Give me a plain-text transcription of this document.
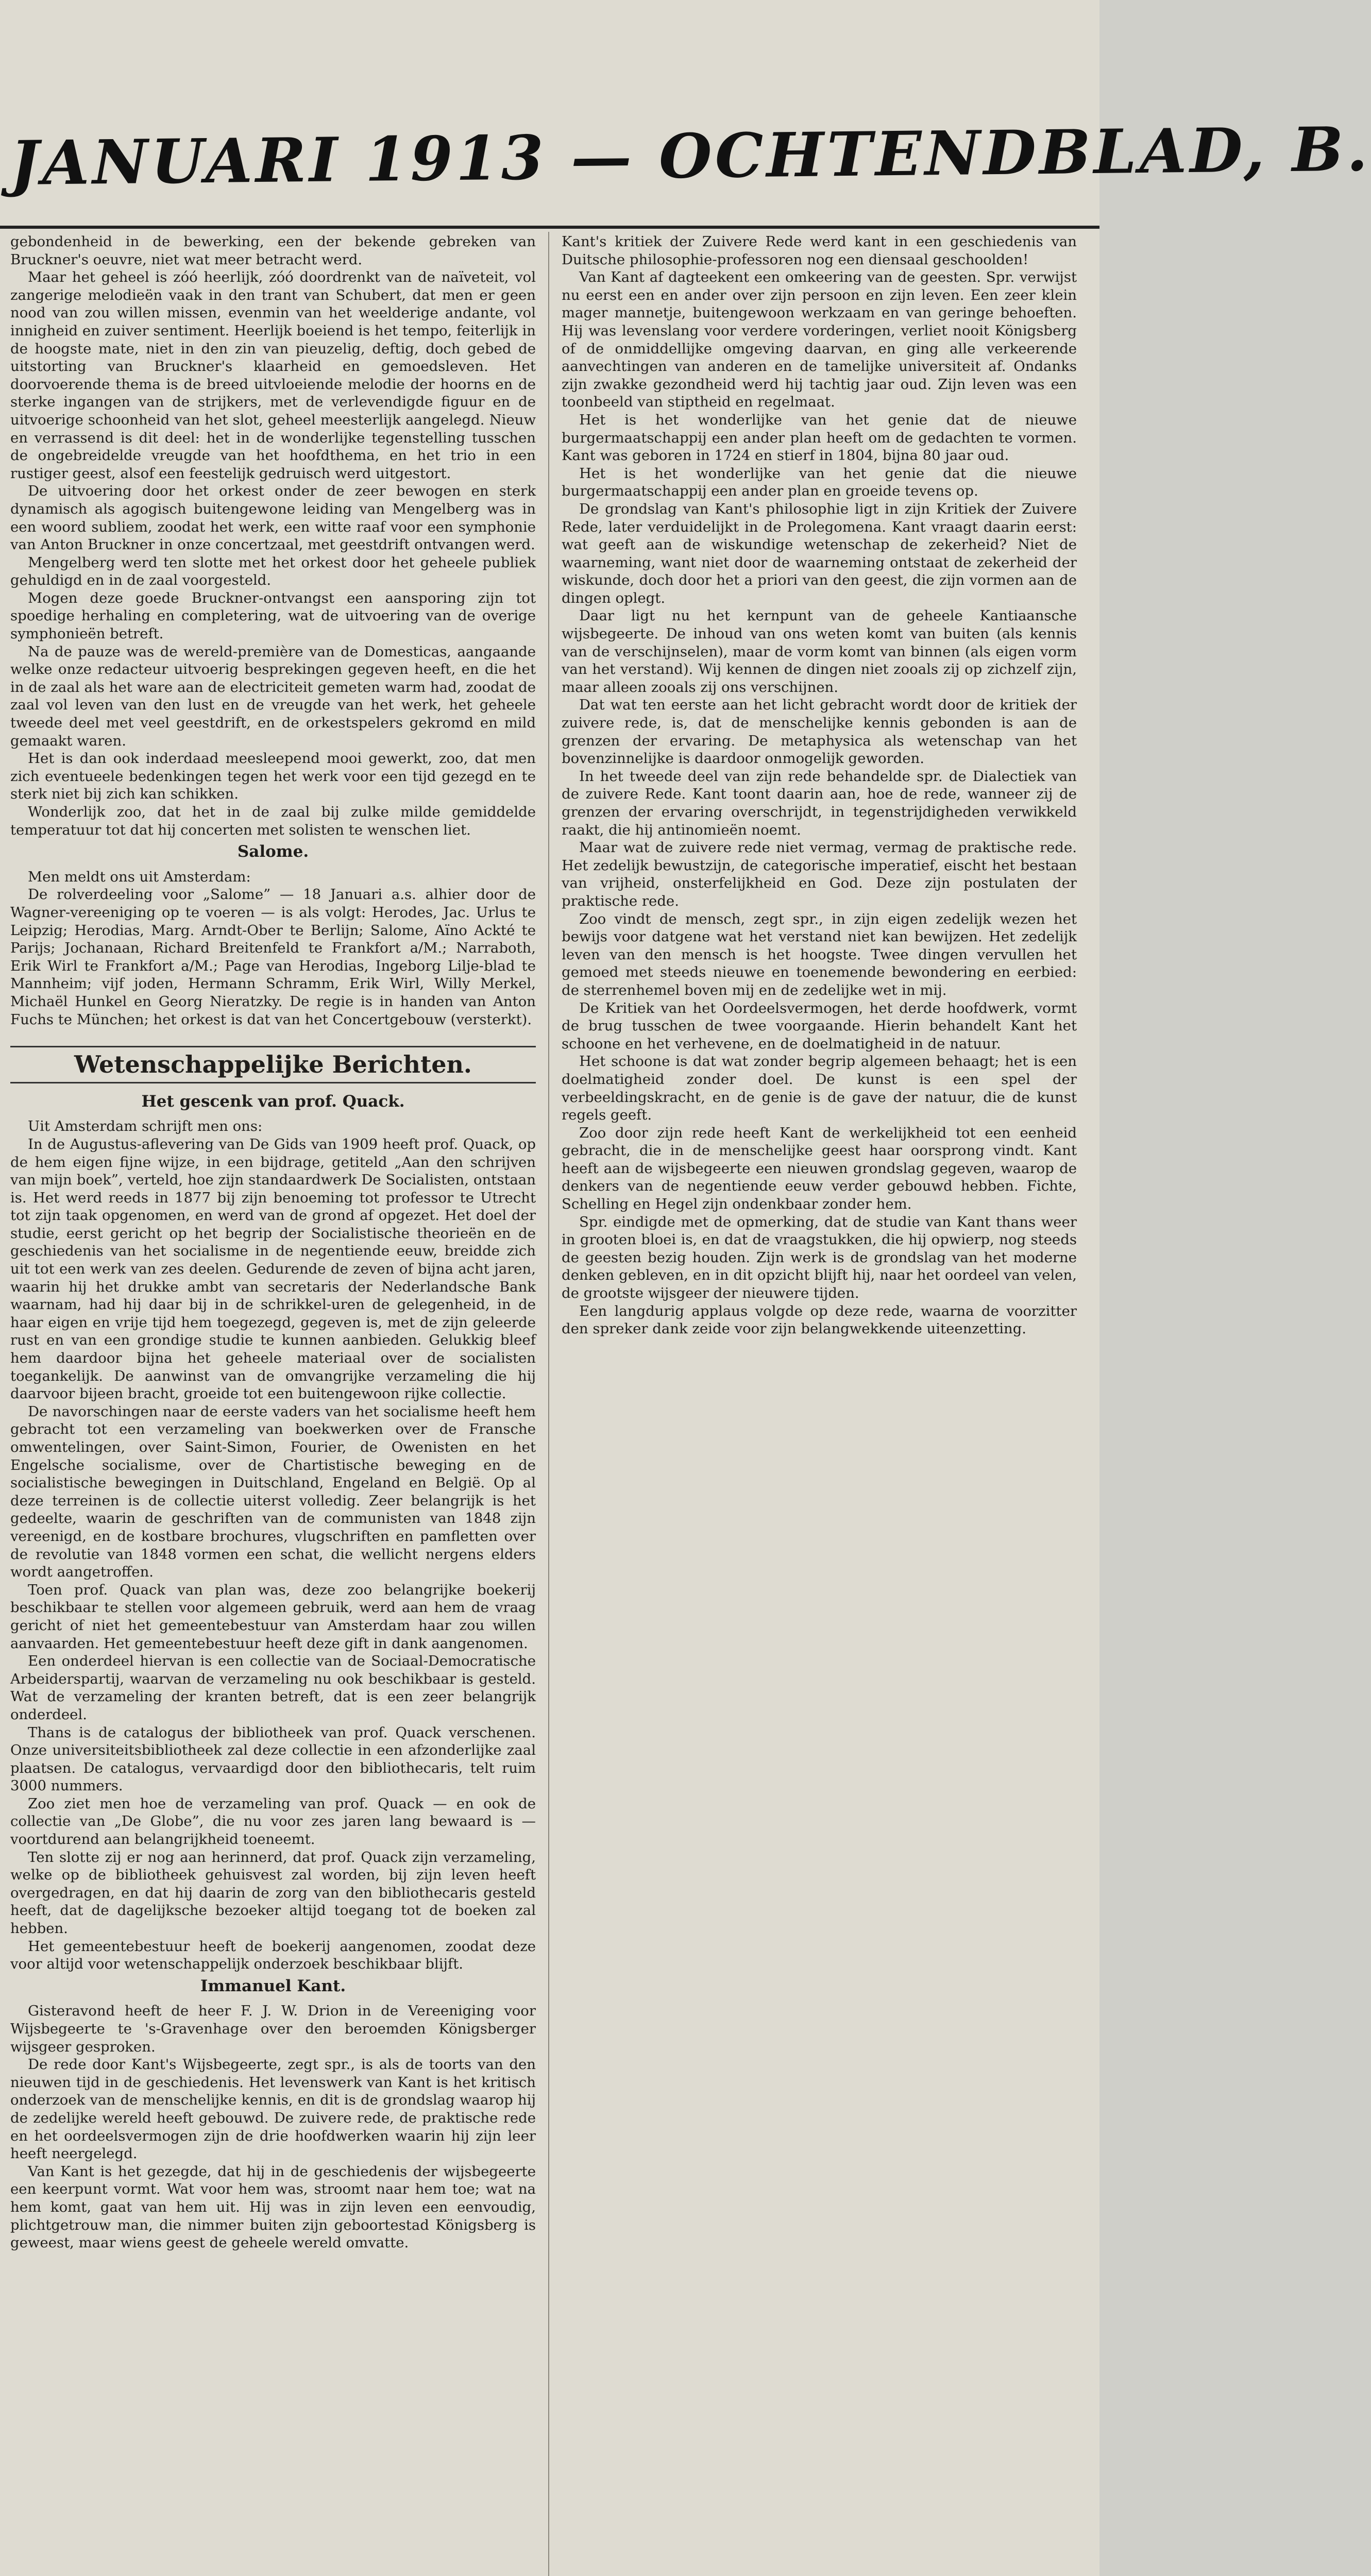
JANUARI 1913 — OCHTENDBLAD, B.

gebondenheid in de bewerking, een der bekende gebreken van Bruckner's oeuvre, niet wat meer betracht werd.

Maar het geheel is zóó heerlijk, zóó doordrenkt van de naïveteit, vol zangerige melodieën vaak in den trant van Schubert, dat men er geen nood van zou willen missen, evenmin van het weelderige andante, vol innigheid en zuiver sentiment. Heerlijk boeiend is het tempo, feiterlijk in de hoogste mate, niet in den zin van pieuzelig, deftig, doch gebed de uitstorting van Bruckner's klaarheid en gemoedsleven. Het doorvoerende thema is de breed uitvloeiende melodie der hoorns en de sterke ingangen van de strijkers, met de verlevendigde figuur en de uitvoerige schoonheid van het slot, geheel meesterlijk aangelegd. Nieuw en verrassend is dit deel: het in de wonderlijke tegenstelling tusschen de ongebreidelde vreugde van het hoofdthema, en het trio in een rustiger geest, alsof een feestelijk gedruisch werd uitgestort.

De uitvoering door het orkest onder de zeer bewogen en sterk dynamisch als agogisch buitengewone leiding van Mengelberg was in een woord subliem, zoodat het werk, een witte raaf voor een symphonie van Anton Bruckner in onze concertzaal, met geestdrift ontvangen werd.

Mengelberg werd ten slotte met het orkest door het geheele publiek gehuldigd en in de zaal voorgesteld.

Mogen deze goede Bruckner-ontvangst een aansporing zijn tot spoedige herhaling en completering, wat de uitvoering van de overige symphonieën betreft.

Na de pauze was de wereld-première van de Domesticas, aangaande welke onze redacteur uitvoerig besprekingen gegeven heeft, en die het in de zaal als het ware aan de electriciteit gemeten warm had, zoodat de zaal vol leven van den lust en de vreugde van het werk, het geheele tweede deel met veel geestdrift, en de orkestspelers gekromd en mild gemaakt waren.

Het is dan ook inderdaad meesleepend mooi gewerkt, zoo, dat men zich eventueele bedenkingen tegen het werk voor een tijd gezegd en te sterk niet bij zich kan schikken.

Wonderlijk zoo, dat het in de zaal bij zulke milde gemiddelde temperatuur tot dat hij concerten met solisten te wenschen liet.

Salome.

Men meldt ons uit Amsterdam:

De rolverdeeling voor „Salome” — 18 Januari a.s. alhier door de Wagner-vereeniging op te voeren — is als volgt: Herodes, Jac. Urlus te Leipzig; Herodias, Marg. Arndt-Ober te Berlijn; Salome, Aïno Ackté te Parijs; Jochanaan, Richard Breitenfeld te Frankfort a/M.; Narraboth, Erik Wirl te Frankfort a/M.; Page van Herodias, Ingeborg Lilje-blad te Mannheim; vijf joden, Hermann Schramm, Erik Wirl, Willy Merkel, Michaël Hunkel en Georg Nieratzky. De regie is in handen van Anton Fuchs te München; het orkest is dat van het Concertgebouw (versterkt).

Wetenschappelijke Berichten.
Het gescenk van prof. Quack.

Uit Amsterdam schrijft men ons:

In de Augustus-aflevering van De Gids van 1909 heeft prof. Quack, op de hem eigen fijne wijze, in een bijdrage, getiteld „Aan den schrijven van mijn boek”, verteld, hoe zijn standaardwerk De Socialisten, ontstaan is. Het werd reeds in 1877 bij zijn benoeming tot professor te Utrecht tot zijn taak opgenomen, en werd van de grond af opgezet. Het doel der studie, eerst gericht op het begrip der Socialistische theorieën en de geschiedenis van het socialisme in de negentiende eeuw, breidde zich uit tot een werk van zes deelen. Gedurende de zeven of bijna acht jaren, waarin hij het drukke ambt van secretaris der Nederlandsche Bank waarnam, had hij daar bij in de schrikkel-uren de gelegenheid, in de haar eigen en vrije tijd hem toegezegd, gegeven is, met de zijn geleerde rust en van een grondige studie te kunnen aanbieden. Gelukkig bleef hem daardoor bijna het geheele materiaal over de socialisten toegankelijk. De aanwinst van de omvangrijke verzameling die hij daarvoor bijeen bracht, groeide tot een buitengewoon rijke collectie.

De navorschingen naar de eerste vaders van het socialisme heeft hem gebracht tot een verzameling van boekwerken over de Fransche omwentelingen, over Saint-Simon, Fourier, de Owenisten en het Engelsche socialisme, over de Chartistische beweging en de socialistische bewegingen in Duitschland, Engeland en België. Op al deze terreinen is de collectie uiterst volledig. Zeer belangrijk is het gedeelte, waarin de geschriften van de communisten van 1848 zijn vereenigd, en de kostbare brochures, vlugschriften en pamfletten over de revolutie van 1848 vormen een schat, die wellicht nergens elders wordt aangetroffen.

Toen prof. Quack van plan was, deze zoo belangrijke boekerij beschikbaar te stellen voor algemeen gebruik, werd aan hem de vraag gericht of niet het gemeentebestuur van Amsterdam haar zou willen aanvaarden. Het gemeentebestuur heeft deze gift in dank aangenomen.

Een onderdeel hiervan is een collectie van de Sociaal-Democratische Arbeiderspartij, waarvan de verzameling nu ook beschikbaar is gesteld. Wat de verzameling der kranten betreft, dat is een zeer belangrijk onderdeel.

Thans is de catalogus der bibliotheek van prof. Quack verschenen. Onze universiteitsbibliotheek zal deze collectie in een afzonderlijke zaal plaatsen. De catalogus, vervaardigd door den bibliothecaris, telt ruim 3000 nummers.

Zoo ziet men hoe de verzameling van prof. Quack — en ook de collectie van „De Globe”, die nu voor zes jaren lang bewaard is — voortdurend aan belangrijkheid toeneemt.

Ten slotte zij er nog aan herinnerd, dat prof. Quack zijn verzameling, welke op de bibliotheek gehuisvest zal worden, bij zijn leven heeft overgedragen, en dat hij daarin de zorg van den bibliothecaris gesteld heeft, dat de dagelijksche bezoeker altijd toegang tot de boeken zal hebben.

Het gemeentebestuur heeft de boekerij aangenomen, zoodat deze voor altijd voor wetenschappelijk onderzoek beschikbaar blijft.

Immanuel Kant.

Gisteravond heeft de heer F. J. W. Drion in de Vereeniging voor Wijsbegeerte te 's-Gravenhage over den beroemden Königsberger wijsgeer gesproken.

De rede door Kant's Wijsbegeerte, zegt spr., is als de toorts van den nieuwen tijd in de geschiedenis. Het levenswerk van Kant is het kritisch onderzoek van de menschelijke kennis, en dit is de grondslag waarop hij de zedelijke wereld heeft gebouwd. De zuivere rede, de praktische rede en het oordeelsvermogen zijn de drie hoofdwerken waarin hij zijn leer heeft neergelegd.

Van Kant is het gezegde, dat hij in de geschiedenis der wijsbegeerte een keerpunt vormt. Wat voor hem was, stroomt naar hem toe; wat na hem komt, gaat van hem uit. Hij was in zijn leven een eenvoudig, plichtgetrouw man, die nimmer buiten zijn geboortestad Königsberg is geweest, maar wiens geest de geheele wereld omvatte.

Kant's kritiek der Zuivere Rede werd kant in een geschiedenis van Duitsche philosophie-professoren nog een diensaal geschoolden!

Van Kant af dagteekent een omkeering van de geesten. Spr. verwijst nu eerst een en ander over zijn persoon en zijn leven. Een zeer klein mager mannetje, buitengewoon werkzaam en van geringe behoeften. Hij was levenslang voor verdere vorderingen, verliet nooit Königsberg of de onmiddellijke omgeving daarvan, en ging alle verkeerende aanvechtingen van anderen en de tamelijke universiteit af. Ondanks zijn zwakke gezondheid werd hij tachtig jaar oud. Zijn leven was een toonbeeld van stiptheid en regelmaat.

Het is het wonderlijke van het genie dat de nieuwe burgermaatschappij een ander plan heeft om de gedachten te vormen. Kant was geboren in 1724 en stierf in 1804, bijna 80 jaar oud.

Het is het wonderlijke van het genie dat die nieuwe burgermaatschappij een ander plan en groeide tevens op.

De grondslag van Kant's philosophie ligt in zijn Kritiek der Zuivere Rede, later verduidelijkt in de Prolegomena. Kant vraagt daarin eerst: wat geeft aan de wiskundige wetenschap de zekerheid? Niet de waarneming, want niet door de waarneming ontstaat de zekerheid der wiskunde, doch door het a priori van den geest, die zijn vormen aan de dingen oplegt.

Daar ligt nu het kernpunt van de geheele Kantiaansche wijsbegeerte. De inhoud van ons weten komt van buiten (als kennis van de verschijnselen), maar de vorm komt van binnen (als eigen vorm van het verstand). Wij kennen de dingen niet zooals zij op zichzelf zijn, maar alleen zooals zij ons verschijnen.

Dat wat ten eerste aan het licht gebracht wordt door de kritiek der zuivere rede, is, dat de menschelijke kennis gebonden is aan de grenzen der ervaring. De metaphysica als wetenschap van het bovenzinnelijke is daardoor onmogelijk geworden.

In het tweede deel van zijn rede behandelde spr. de Dialectiek van de zuivere Rede. Kant toont daarin aan, hoe de rede, wanneer zij de grenzen der ervaring overschrijdt, in tegenstrijdigheden verwikkeld raakt, die hij antinomieën noemt.

Maar wat de zuivere rede niet vermag, vermag de praktische rede. Het zedelijk bewustzijn, de categorische imperatief, eischt het bestaan van vrijheid, onsterfelijkheid en God. Deze zijn postulaten der praktische rede.

Zoo vindt de mensch, zegt spr., in zijn eigen zedelijk wezen het bewijs voor datgene wat het verstand niet kan bewijzen. Het zedelijk leven van den mensch is het hoogste. Twee dingen vervullen het gemoed met steeds nieuwe en toenemende bewondering en eerbied: de sterrenhemel boven mij en de zedelijke wet in mij.

De Kritiek van het Oordeelsvermogen, het derde hoofdwerk, vormt de brug tusschen de twee voorgaande. Hierin behandelt Kant het schoone en het verhevene, en de doelmatigheid in de natuur.

Het schoone is dat wat zonder begrip algemeen behaagt; het is een doelmatigheid zonder doel. De kunst is een spel der verbeeldingskracht, en de genie is de gave der natuur, die de kunst regels geeft.

Zoo door zijn rede heeft Kant de werkelijkheid tot een eenheid gebracht, die in de menschelijke geest haar oorsprong vindt. Kant heeft aan de wijsbegeerte een nieuwen grondslag gegeven, waarop de denkers van de negentiende eeuw verder gebouwd hebben. Fichte, Schelling en Hegel zijn ondenkbaar zonder hem.

Spr. eindigde met de opmerking, dat de studie van Kant thans weer in grooten bloei is, en dat de vraagstukken, die hij opwierp, nog steeds de geesten bezig houden. Zijn werk is de grondslag van het moderne denken gebleven, en in dit opzicht blijft hij, naar het oordeel van velen, de grootste wijsgeer der nieuwere tijden.

Een langdurig applaus volgde op deze rede, waarna de voorzitter den spreker dank zeide voor zijn belangwekkende uiteenzetting.
